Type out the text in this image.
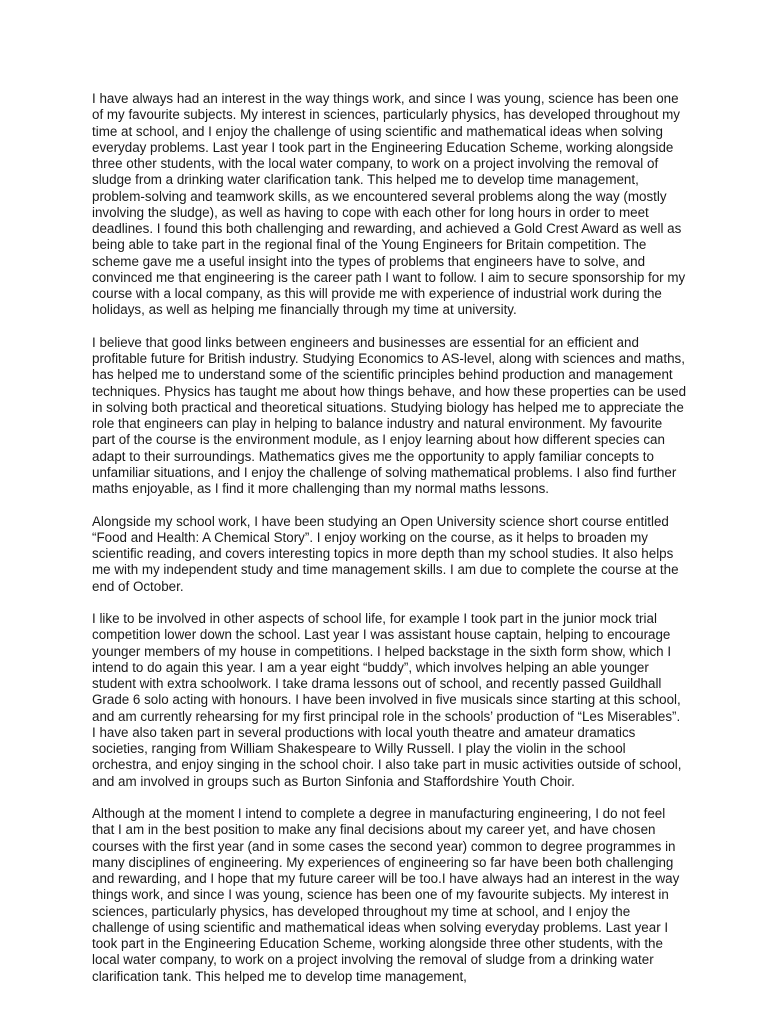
I have always had an interest in the way things work, and since I was young, science has been one of my favourite subjects. My interest in sciences, particularly physics, has developed throughout my time at school, and I enjoy the challenge of using scientific and mathematical ideas when solving everyday problems. Last year I took part in the Engineering Education Scheme, working alongside three other students, with the local water company, to work on a project involving the removal of sludge from a drinking water clarification tank. This helped me to develop time management, problem-solving and teamwork skills, as we encountered several problems along the way (mostly involving the sludge), as well as having to cope with each other for long hours in order to meet deadlines. I found this both challenging and rewarding, and achieved a Gold Crest Award as well as being able to take part in the regional final of the Young Engineers for Britain competition. The scheme gave me a useful insight into the types of problems that engineers have to solve, and convinced me that engineering is the career path I want to follow. I aim to secure sponsorship for my course with a local company, as this will provide me with experience of industrial work during the holidays, as well as helping me financially through my time at university.

I believe that good links between engineers and businesses are essential for an efficient and profitable future for British industry. Studying Economics to AS-level, along with sciences and maths, has helped me to understand some of the scientific principles behind production and management techniques. Physics has taught me about how things behave, and how these properties can be used in solving both practical and theoretical situations. Studying biology has helped me to appreciate the role that engineers can play in helping to balance industry and natural environment. My favourite part of the course is the environment module, as I enjoy learning about how different species can adapt to their surroundings. Mathematics gives me the opportunity to apply familiar concepts to unfamiliar situations, and I enjoy the challenge of solving mathematical problems. I also find further maths enjoyable, as I find it more challenging than my normal maths lessons.

Alongside my school work, I have been studying an Open University science short course entitled “Food and Health: A Chemical Story”. I enjoy working on the course, as it helps to broaden my scientific reading, and covers interesting topics in more depth than my school studies. It also helps me with my independent study and time management skills. I am due to complete the course at the end of October.

I like to be involved in other aspects of school life, for example I took part in the junior mock trial competition lower down the school. Last year I was assistant house captain, helping to encourage younger members of my house in competitions. I helped backstage in the sixth form show, which I intend to do again this year. I am a year eight “buddy”, which involves helping an able younger student with extra schoolwork. I take drama lessons out of school, and recently passed Guildhall Grade 6 solo acting with honours. I have been involved in five musicals since starting at this school, and am currently rehearsing for my first principal role in the schools’ production of “Les Miserables”. I have also taken part in several productions with local youth theatre and amateur dramatics societies, ranging from William Shakespeare to Willy Russell. I play the violin in the school orchestra, and enjoy singing in the school choir. I also take part in music activities outside of school, and am involved in groups such as Burton Sinfonia and Staffordshire Youth Choir.

Although at the moment I intend to complete a degree in manufacturing engineering, I do not feel that I am in the best position to make any final decisions about my career yet, and have chosen courses with the first year (and in some cases the second year) common to degree programmes in many disciplines of engineering. My experiences of engineering so far have been both challenging and rewarding, and I hope that my future career will be too.I have always had an interest in the way things work, and since I was young, science has been one of my favourite subjects. My interest in sciences, particularly physics, has developed throughout my time at school, and I enjoy the challenge of using scientific and mathematical ideas when solving everyday problems. Last year I took part in the Engineering Education Scheme, working alongside three other students, with the local water company, to work on a project involving the removal of sludge from a drinking water clarification tank. This helped me to develop time management,
